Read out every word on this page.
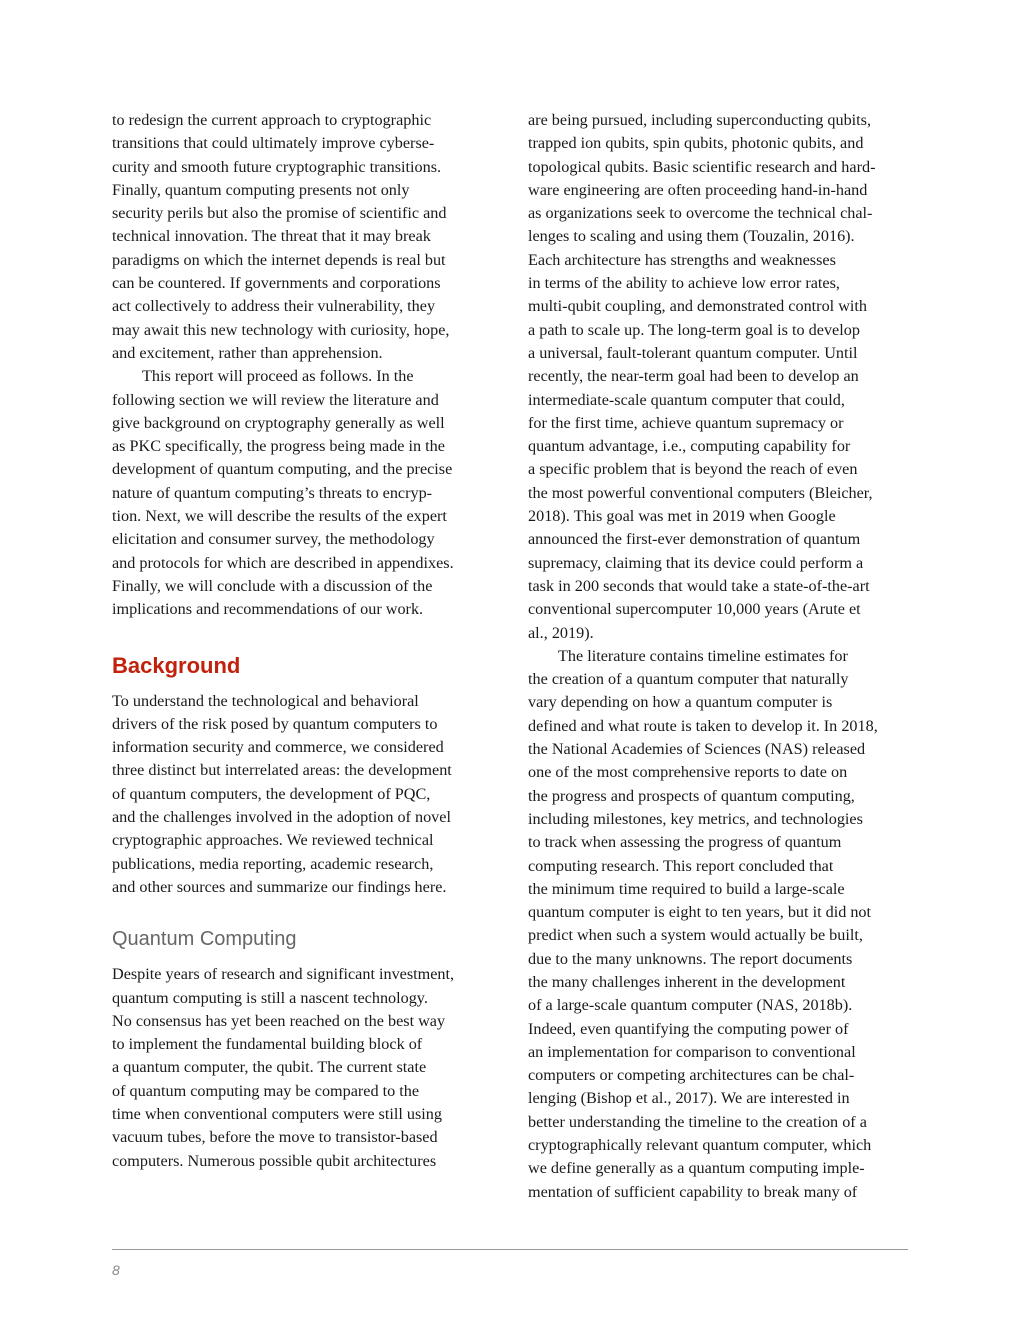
to redesign the current approach to cryptographic
transitions that could ultimately improve cyberse-
curity and smooth future cryptographic transitions.
Finally, quantum computing presents not only
security perils but also the promise of scientific and
technical innovation. The threat that it may break
paradigms on which the internet depends is real but
can be countered. If governments and corporations
act collectively to address their vulnerability, they
may await this new technology with curiosity, hope,
and excitement, rather than apprehension.
This report will proceed as follows. In the
following section we will review the literature and
give background on cryptography generally as well
as PKC specifically, the progress being made in the
development of quantum computing, and the precise
nature of quantum computing’s threats to encryp-
tion. Next, we will describe the results of the expert
elicitation and consumer survey, the methodology
and protocols for which are described in appendixes.
Finally, we will conclude with a discussion of the
implications and recommendations of our work.
Background
To understand the technological and behavioral
drivers of the risk posed by quantum computers to
information security and commerce, we considered
three distinct but interrelated areas: the development
of quantum computers, the development of PQC,
and the challenges involved in the adoption of novel
cryptographic approaches. We reviewed technical
publications, media reporting, academic research,
and other sources and summarize our findings here.
Quantum Computing
Despite years of research and significant investment,
quantum computing is still a nascent technology.
No consensus has yet been reached on the best way
to implement the fundamental building block of
a quantum computer, the qubit. The current state
of quantum computing may be compared to the
time when conventional computers were still using
vacuum tubes, before the move to transistor-based
computers. Numerous possible qubit architectures
are being pursued, including superconducting qubits,
trapped ion qubits, spin qubits, photonic qubits, and
topological qubits. Basic scientific research and hard-
ware engineering are often proceeding hand-in-hand
as organizations seek to overcome the technical chal-
lenges to scaling and using them (Touzalin, 2016).
Each architecture has strengths and weaknesses
in terms of the ability to achieve low error rates,
multi-qubit coupling, and demonstrated control with
a path to scale up. The long-term goal is to develop
a universal, fault-tolerant quantum computer. Until
recently, the near-term goal had been to develop an
intermediate-scale quantum computer that could,
for the first time, achieve quantum supremacy or
quantum advantage, i.e., computing capability for
a specific problem that is beyond the reach of even
the most powerful conventional computers (Bleicher,
2018). This goal was met in 2019 when Google
announced the first-ever demonstration of quantum
supremacy, claiming that its device could perform a
task in 200 seconds that would take a state-of-the-art
conventional supercomputer 10,000 years (Arute et
al., 2019).
The literature contains timeline estimates for
the creation of a quantum computer that naturally
vary depending on how a quantum computer is
defined and what route is taken to develop it. In 2018,
the National Academies of Sciences (NAS) released
one of the most comprehensive reports to date on
the progress and prospects of quantum computing,
including milestones, key metrics, and technologies
to track when assessing the progress of quantum
computing research. This report concluded that
the minimum time required to build a large-scale
quantum computer is eight to ten years, but it did not
predict when such a system would actually be built,
due to the many unknowns. The report documents
the many challenges inherent in the development
of a large-scale quantum computer (NAS, 2018b).
Indeed, even quantifying the computing power of
an implementation for comparison to conventional
computers or competing architectures can be chal-
lenging (Bishop et al., 2017). We are interested in
better understanding the timeline to the creation of a
cryptographically relevant quantum computer, which
we define generally as a quantum computing imple-
mentation of sufficient capability to break many of
8
